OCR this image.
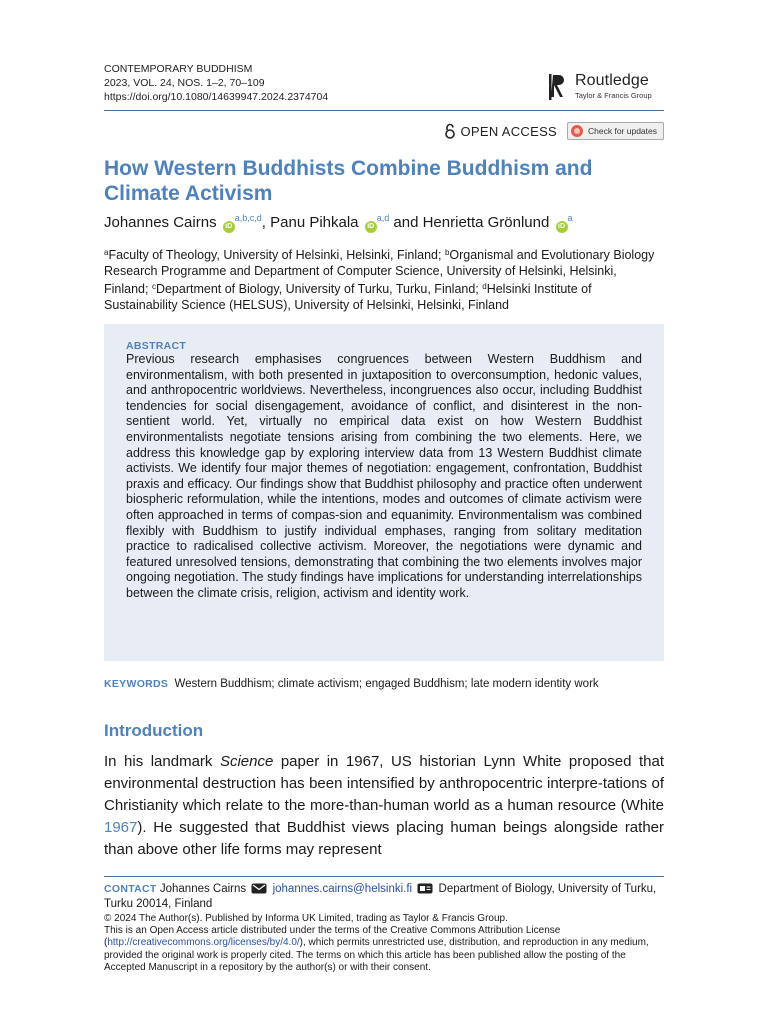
CONTEMPORARY BUDDHISM
2023, VOL. 24, NOS. 1–2, 70–109
https://doi.org/10.1080/14639947.2024.2374704
Routledge
Taylor & Francis Group
OPEN ACCESS	Check for updates
How Western Buddhists Combine Buddhism and Climate Activism
Johannes Cairns iD$^{a,b,c,d}$, Panu Pihkala iD$^{a,d}$ and Henrietta Grönlund $iD^a$
$^a$Faculty of Theology, University of Helsinki, Helsinki, Finland; $^b$Organismal and Evolutionary Biology Research Programme and Department of Computer Science, University of Helsinki, Helsinki, Finland; $^c$Department of Biology, University of Turku, Turku, Finland; $^d$Helsinki Institute of Sustainability Science (HELSUS), University of Helsinki, Helsinki, Finland
ABSTRACT
Previous research emphasises congruences between Western Buddhism and environmentalism, with both presented in juxtaposition to overconsumption, hedonic values, and anthropocentric worldviews. Nevertheless, incongruences also occur, including Buddhist tendencies for social disengagement, avoidance of conflict, and disinterest in the non-sentient world. Yet, virtually no empirical data exist on how Western Buddhist environmentalists negotiate tensions arising from combining the two elements. Here, we address this knowledge gap by exploring interview data from 13 Western Buddhist climate activists. We identify four major themes of negotiation: engagement, confrontation, Buddhist praxis and efficacy. Our findings show that Buddhist philosophy and practice often underwent biospheric reformulation, while the intentions, modes and outcomes of climate activism were often approached in terms of compas-sion and equanimity. Environmentalism was combined flexibly with Buddhism to justify individual emphases, ranging from solitary meditation practice to radicalised collective activism. Moreover, the negotiations were dynamic and featured unresolved tensions, demonstrating that combining the two elements involves major ongoing negotiation. The study findings have implications for understanding interrelationships between the climate crisis, religion, activism and identity work.
KEYWORDS Western Buddhism; climate activism; engaged Buddhism; late modern identity work
Introduction
In his landmark Science paper in 1967, US historian Lynn White proposed that environmental destruction has been intensified by anthropocentric interpre-tations of Christianity which relate to the more-than-human world as a human resource (White 1967). He suggested that Buddhist views placing human beings alongside rather than above other life forms may represent
CONTACT Johannes Cairns johannes.cairns@helsinki.fi Department of Biology, University of Turku, Turku 20014, Finland
© 2024 The Author(s). Published by Informa UK Limited, trading as Taylor & Francis Group.
This is an Open Access article distributed under the terms of the Creative Commons Attribution License (http://creativecommons.org/licenses/by/4.0/), which permits unrestricted use, distribution, and reproduction in any medium, provided the original work is properly cited. The terms on which this article has been published allow the posting of the Accepted Manuscript in a repository by the author(s) or with their consent.
